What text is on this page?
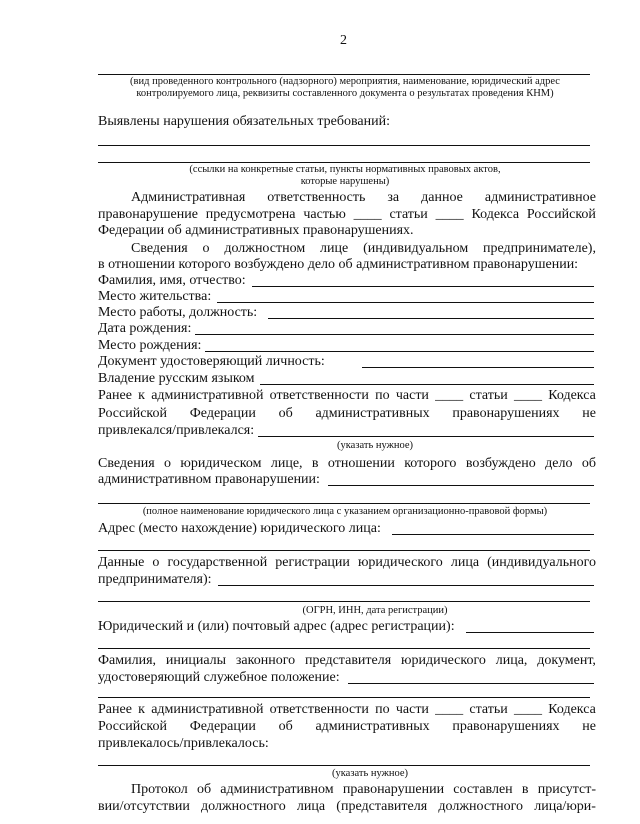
2
(вид проведенного контрольного (надзорного) мероприятия, наименование, юридический адрес
контролируемого лица, реквизиты составленного документа о результатах проведения КНМ)
Выявлены нарушения обязательных требований:
(ссылки на конкретные статьи, пункты нормативных правовых актов,
которые нарушены)
Административная ответственность за данное административное
правонарушение предусмотрена частью ____ статьи ____ Кодекса Российской
Федерации об административных правонарушениях.
Сведения о должностном лице (индивидуальном предпринимателе),
в отношении которого возбуждено дело об административном правонарушении:
Фамилия, имя, отчество:
Место жительства:
Место работы, должность:
Дата рождения:
Место рождения:
Документ удостоверяющий личность:
Владение русским языком
Ранее к административной ответственности по части ____ статьи ____ Кодекса
Российской Федерации об административных правонарушениях не
привлекался/привлекался:
(указать нужное)
Сведения о юридическом лице, в отношении которого возбуждено дело об
административном правонарушении:
(полное наименование юридического лица с указанием организационно-правовой формы)
Адрес (место нахождение) юридического лица:
Данные о государственной регистрации юридического лица (индивидуального
предпринимателя):
(ОГРН, ИНН, дата регистрации)
Юридический и (или) почтовый адрес (адрес регистрации):
Фамилия, инициалы законного представителя юридического лица, документ,
удостоверяющий служебное положение:
Ранее к административной ответственности по части ____ статьи ____ Кодекса
Российской Федерации об административных правонарушениях не
привлекалось/привлекалось:
(указать нужное)
Протокол об административном правонарушении составлен в присутст-
вии/отсутствии должностного лица (представителя должностного лица/юри-
